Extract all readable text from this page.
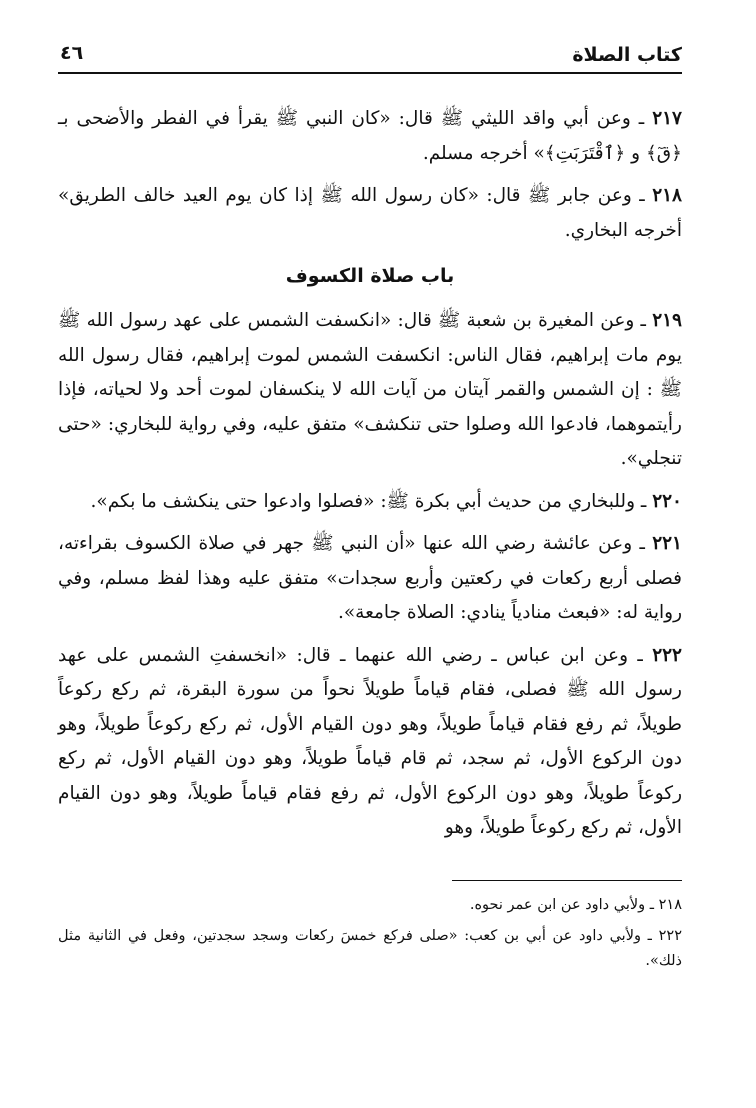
كتاب الصلاة
٤٦

٢١٧ ـ وعن أبي واقد الليثي ﷺ قال: «كان النبي ﷺ يقرأ في الفطر والأضحى بـ ﴿قٓ﴾ و ﴿ٱقْتَرَبَتِ﴾» أخرجه مسلم.

٢١٨ ـ وعن جابر ﷺ قال: «كان رسول الله ﷺ إذا كان يوم العيد خالف الطريق» أخرجه البخاري.

باب صلاة الكسوف

٢١٩ ـ وعن المغيرة بن شعبة ﷺ قال: «انكسفت الشمس على عهد رسول الله ﷺ يوم مات إبراهيم، فقال الناس: انكسفت الشمس لموت إبراهيم، فقال رسول الله ﷺ : إن الشمس والقمر آيتان من آيات الله لا ينكسفان لموت أحد ولا لحياته، فإذا رأيتموهما، فادعوا الله وصلوا حتى تنكشف» متفق عليه، وفي رواية للبخاري: «حتى تنجلي».

٢٢٠ ـ وللبخاري من حديث أبي بكرة ﷺ: «فصلوا وادعوا حتى ينكشف ما بكم».

٢٢١ ـ وعن عائشة رضي الله عنها «أن النبي ﷺ جهر في صلاة الكسوف بقراءته، فصلى أربع ركعات في ركعتين وأربع سجدات» متفق عليه وهذا لفظ مسلم، وفي رواية له: «فبعث منادياً ينادي: الصلاة جامعة».

٢٢٢ ـ وعن ابن عباس ـ رضي الله عنهما ـ قال: «انخسفتِ الشمس على عهد رسول الله ﷺ فصلى، فقام قياماً طويلاً نحواً من سورة البقرة، ثم ركع ركوعاً طويلاً، ثم رفع فقام قياماً طويلاً، وهو دون القيام الأول، ثم ركع ركوعاً طويلاً، وهو دون الركوع الأول، ثم سجد، ثم قام قياماً طويلاً، وهو دون القيام الأول، ثم ركع ركوعاً طويلاً، وهو دون الركوع الأول، ثم رفع فقام قياماً طويلاً، وهو دون القيام الأول، ثم ركع ركوعاً طويلاً، وهو

٢١٨ ـ ولأبي داود عن ابن عمر نحوه.

٢٢٢ ـ ولأبي داود عن أبي بن كعب: «صلى فركع خمسَ ركعات وسجد سجدتين، وفعل في الثانية مثل ذلك».
